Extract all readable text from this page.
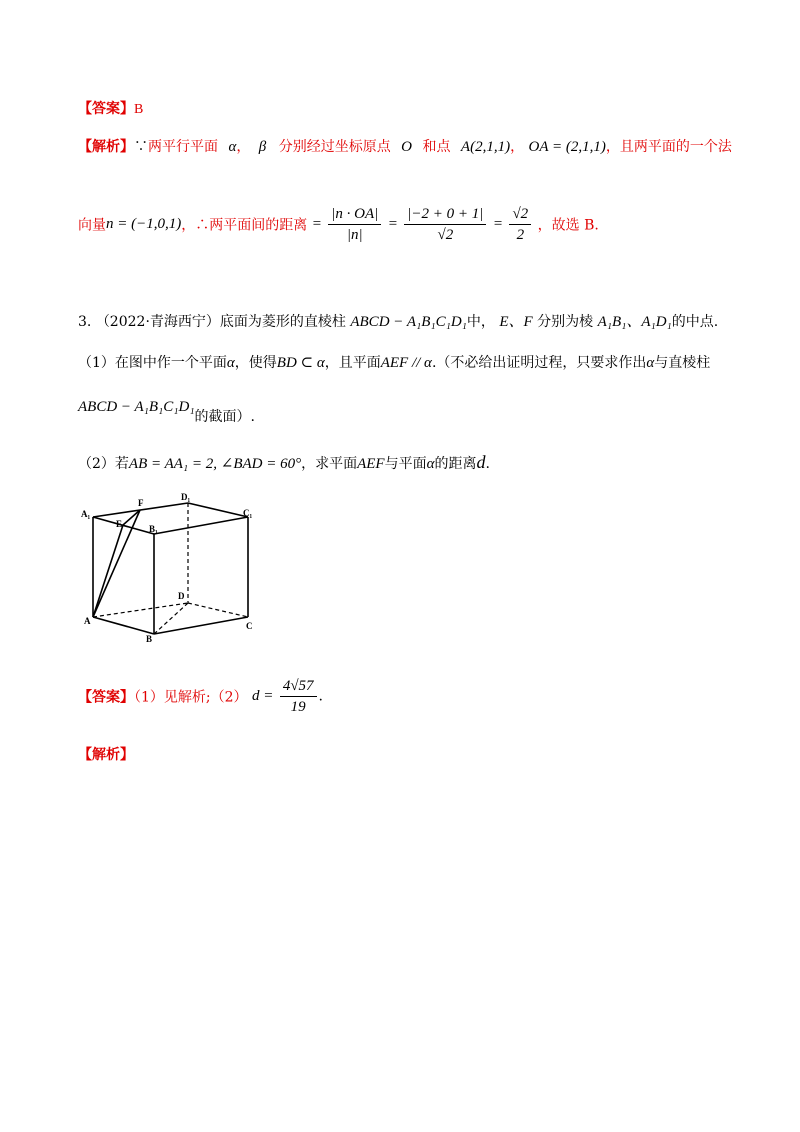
【答案】B
【解析】∵两平行平面 α， β 分别经过坐标原点 O 和点 A(2,1,1)， OA = (2,1,1)，且两平面的一个法
向量n = (−1,0,1)，∴两平面间的距离 = $\frac{|n \cdot OA|}{|n|} = \frac{|-2 + 0 + 1|}{√2} = \frac{√2}{2}$ ，故选 B.
3. （2022·青海西宁）底面为菱形的直棱柱 ABCD − A₁B₁C₁D₁中， E、F 分别为棱 A₁B₁、A₁D₁的中点.
（1）在图中作一个平面α，使得BD ⊂ α，且平面AEF // α.（不必给出证明过程，只要求作出α与直棱柱
ABCD − A₁B₁C₁D₁的截面）.
（2）若AB = AA₁ = 2, ∠BAD = 60°，求平面AEF与平面α的距离d.
A₁
F
D₁
C₁
E	B₁
D
A
B
C
【答案】（1）见解析;（2） $d = \frac{4√57}{19}$ .
【解析】
